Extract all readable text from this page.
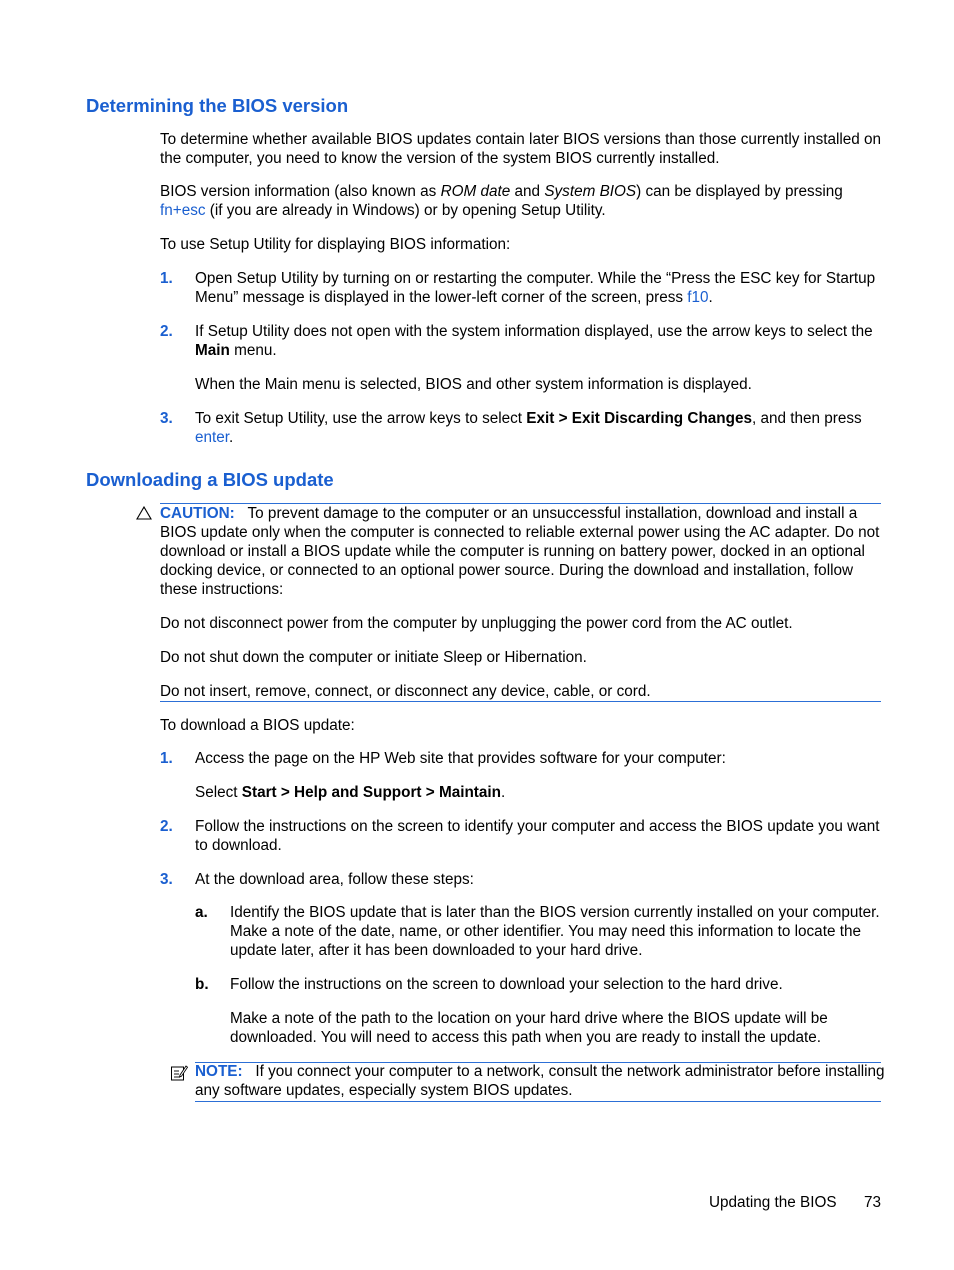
Determining the BIOS version

To determine whether available BIOS updates contain later BIOS versions than those currently installed on the computer, you need to know the version of the system BIOS currently installed.

BIOS version information (also known as ROM date and System BIOS) can be displayed by pressing fn+esc (if you are already in Windows) or by opening Setup Utility.

To use Setup Utility for displaying BIOS information:

1. Open Setup Utility by turning on or restarting the computer. While the “Press the ESC key for Startup Menu” message is displayed in the lower-left corner of the screen, press f10.

2. If Setup Utility does not open with the system information displayed, use the arrow keys to select the Main menu.

When the Main menu is selected, BIOS and other system information is displayed.

3. To exit Setup Utility, use the arrow keys to select Exit > Exit Discarding Changes, and then press enter.

Downloading a BIOS update

CAUTION: To prevent damage to the computer or an unsuccessful installation, download and install a BIOS update only when the computer is connected to reliable external power using the AC adapter. Do not download or install a BIOS update while the computer is running on battery power, docked in an optional docking device, or connected to an optional power source. During the download and installation, follow these instructions:

Do not disconnect power from the computer by unplugging the power cord from the AC outlet.

Do not shut down the computer or initiate Sleep or Hibernation.

Do not insert, remove, connect, or disconnect any device, cable, or cord.

To download a BIOS update:

1. Access the page on the HP Web site that provides software for your computer:

Select Start > Help and Support > Maintain.

2. Follow the instructions on the screen to identify your computer and access the BIOS update you want to download.

3. At the download area, follow these steps:

a. Identify the BIOS update that is later than the BIOS version currently installed on your computer. Make a note of the date, name, or other identifier. You may need this information to locate the update later, after it has been downloaded to your hard drive.

b. Follow the instructions on the screen to download your selection to the hard drive.

Make a note of the path to the location on your hard drive where the BIOS update will be downloaded. You will need to access this path when you are ready to install the update.

NOTE: If you connect your computer to a network, consult the network administrator before installing any software updates, especially system BIOS updates.

Updating the BIOS 73
